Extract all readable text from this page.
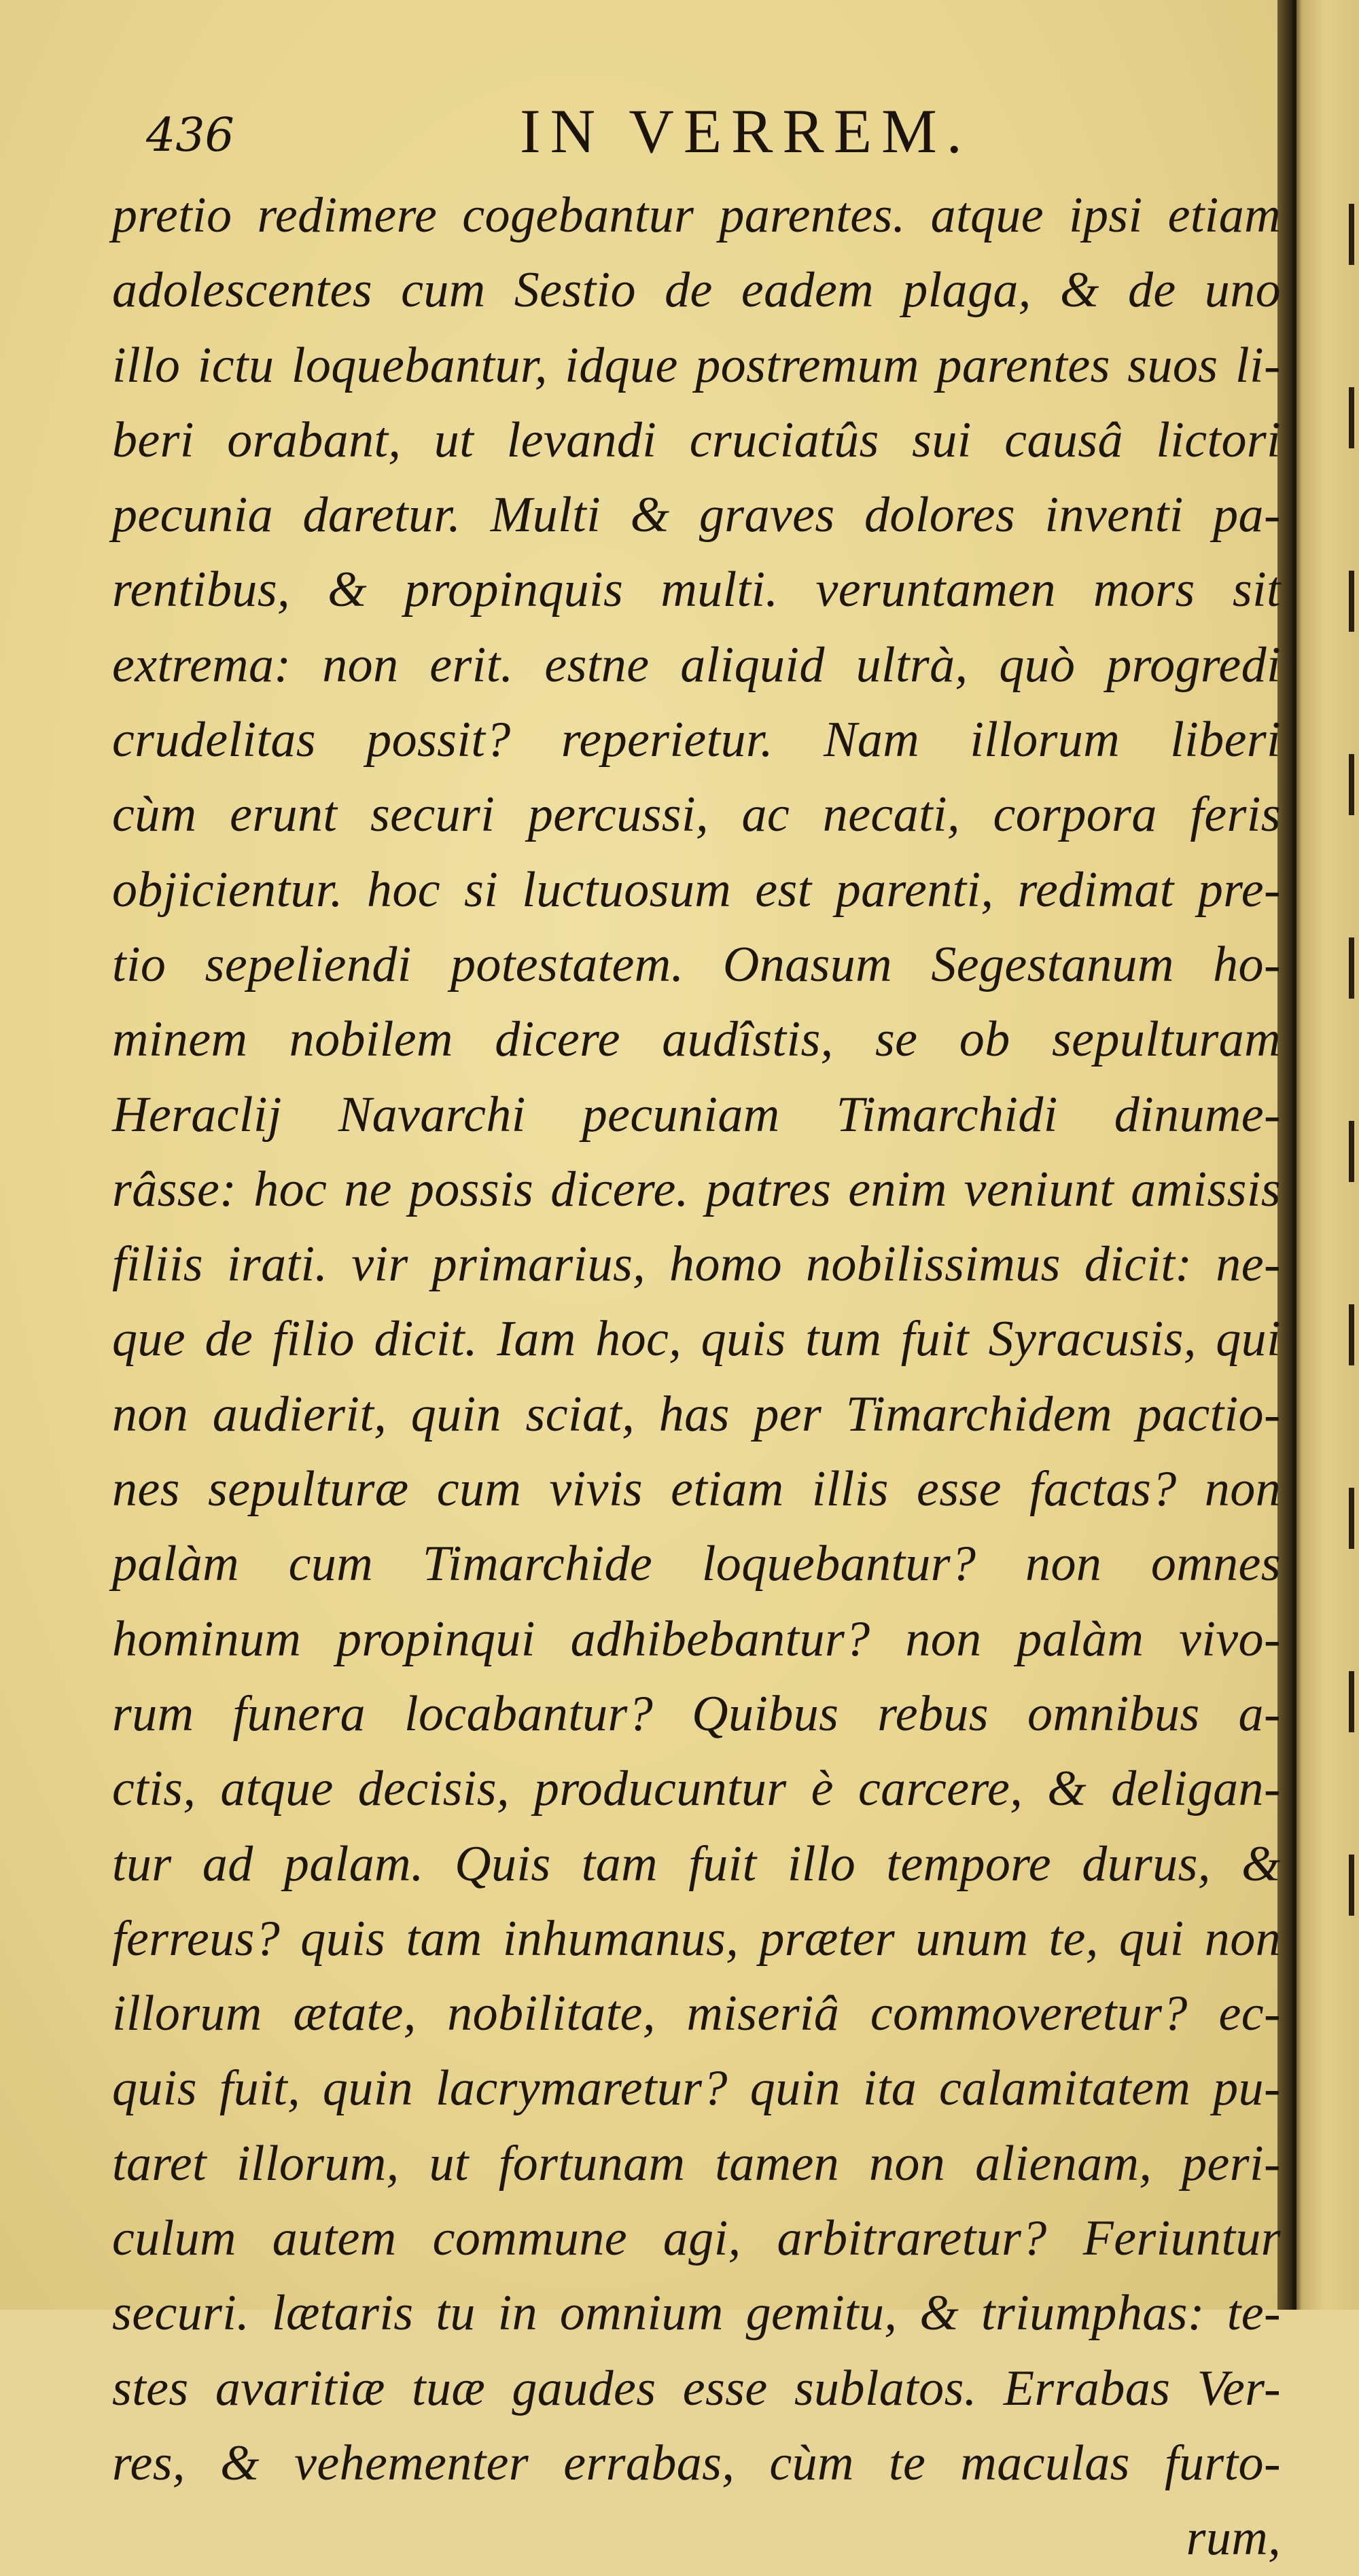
436	IN VERREM.
pretio redimere cogebantur parentes. atque ipsi etiam
adolescentes cum Sestio de eadem plaga, & de uno
illo ictu loquebantur, idque postremum parentes suos li-
beri orabant, ut levandi cruciatûs sui causâ lictori
pecunia daretur. Multi & graves dolores inventi pa-
rentibus, & propinquis multi. veruntamen mors sit
extrema: non erit. estne aliquid ultrà, quò progredi
crudelitas possit? reperietur. Nam illorum liberi
cùm erunt securi percussi, ac necati, corpora feris
objicientur. hoc si luctuosum est parenti, redimat pre-
tio sepeliendi potestatem. Onasum Segestanum ho-
minem nobilem dicere audîstis, se ob sepulturam
Heraclij Navarchi pecuniam Timarchidi dinume-
râsse: hoc ne possis dicere. patres enim veniunt amissis
filiis irati. vir primarius, homo nobilissimus dicit: ne-
que de filio dicit. Iam hoc, quis tum fuit Syracusis, qui
non audierit, quin sciat, has per Timarchidem pactio-
nes sepulturæ cum vivis etiam illis esse factas? non
palàm cum Timarchide loquebantur? non omnes
hominum propinqui adhibebantur? non palàm vivo-
rum funera locabantur? Quibus rebus omnibus a-
ctis, atque decisis, producuntur è carcere, & deligan-
tur ad palam. Quis tam fuit illo tempore durus, &
ferreus? quis tam inhumanus, præter unum te, qui non
illorum ætate, nobilitate, miseriâ commoveretur? ec-
quis fuit, quin lacrymaretur? quin ita calamitatem pu-
taret illorum, ut fortunam tamen non alienam, peri-
culum autem commune agi, arbitraretur? Feriuntur
securi. lætaris tu in omnium gemitu, & triumphas: te-
stes avaritiæ tuæ gaudes esse sublatos. Errabas Ver-
res, & vehementer errabas, cùm te maculas furto-
rum,
